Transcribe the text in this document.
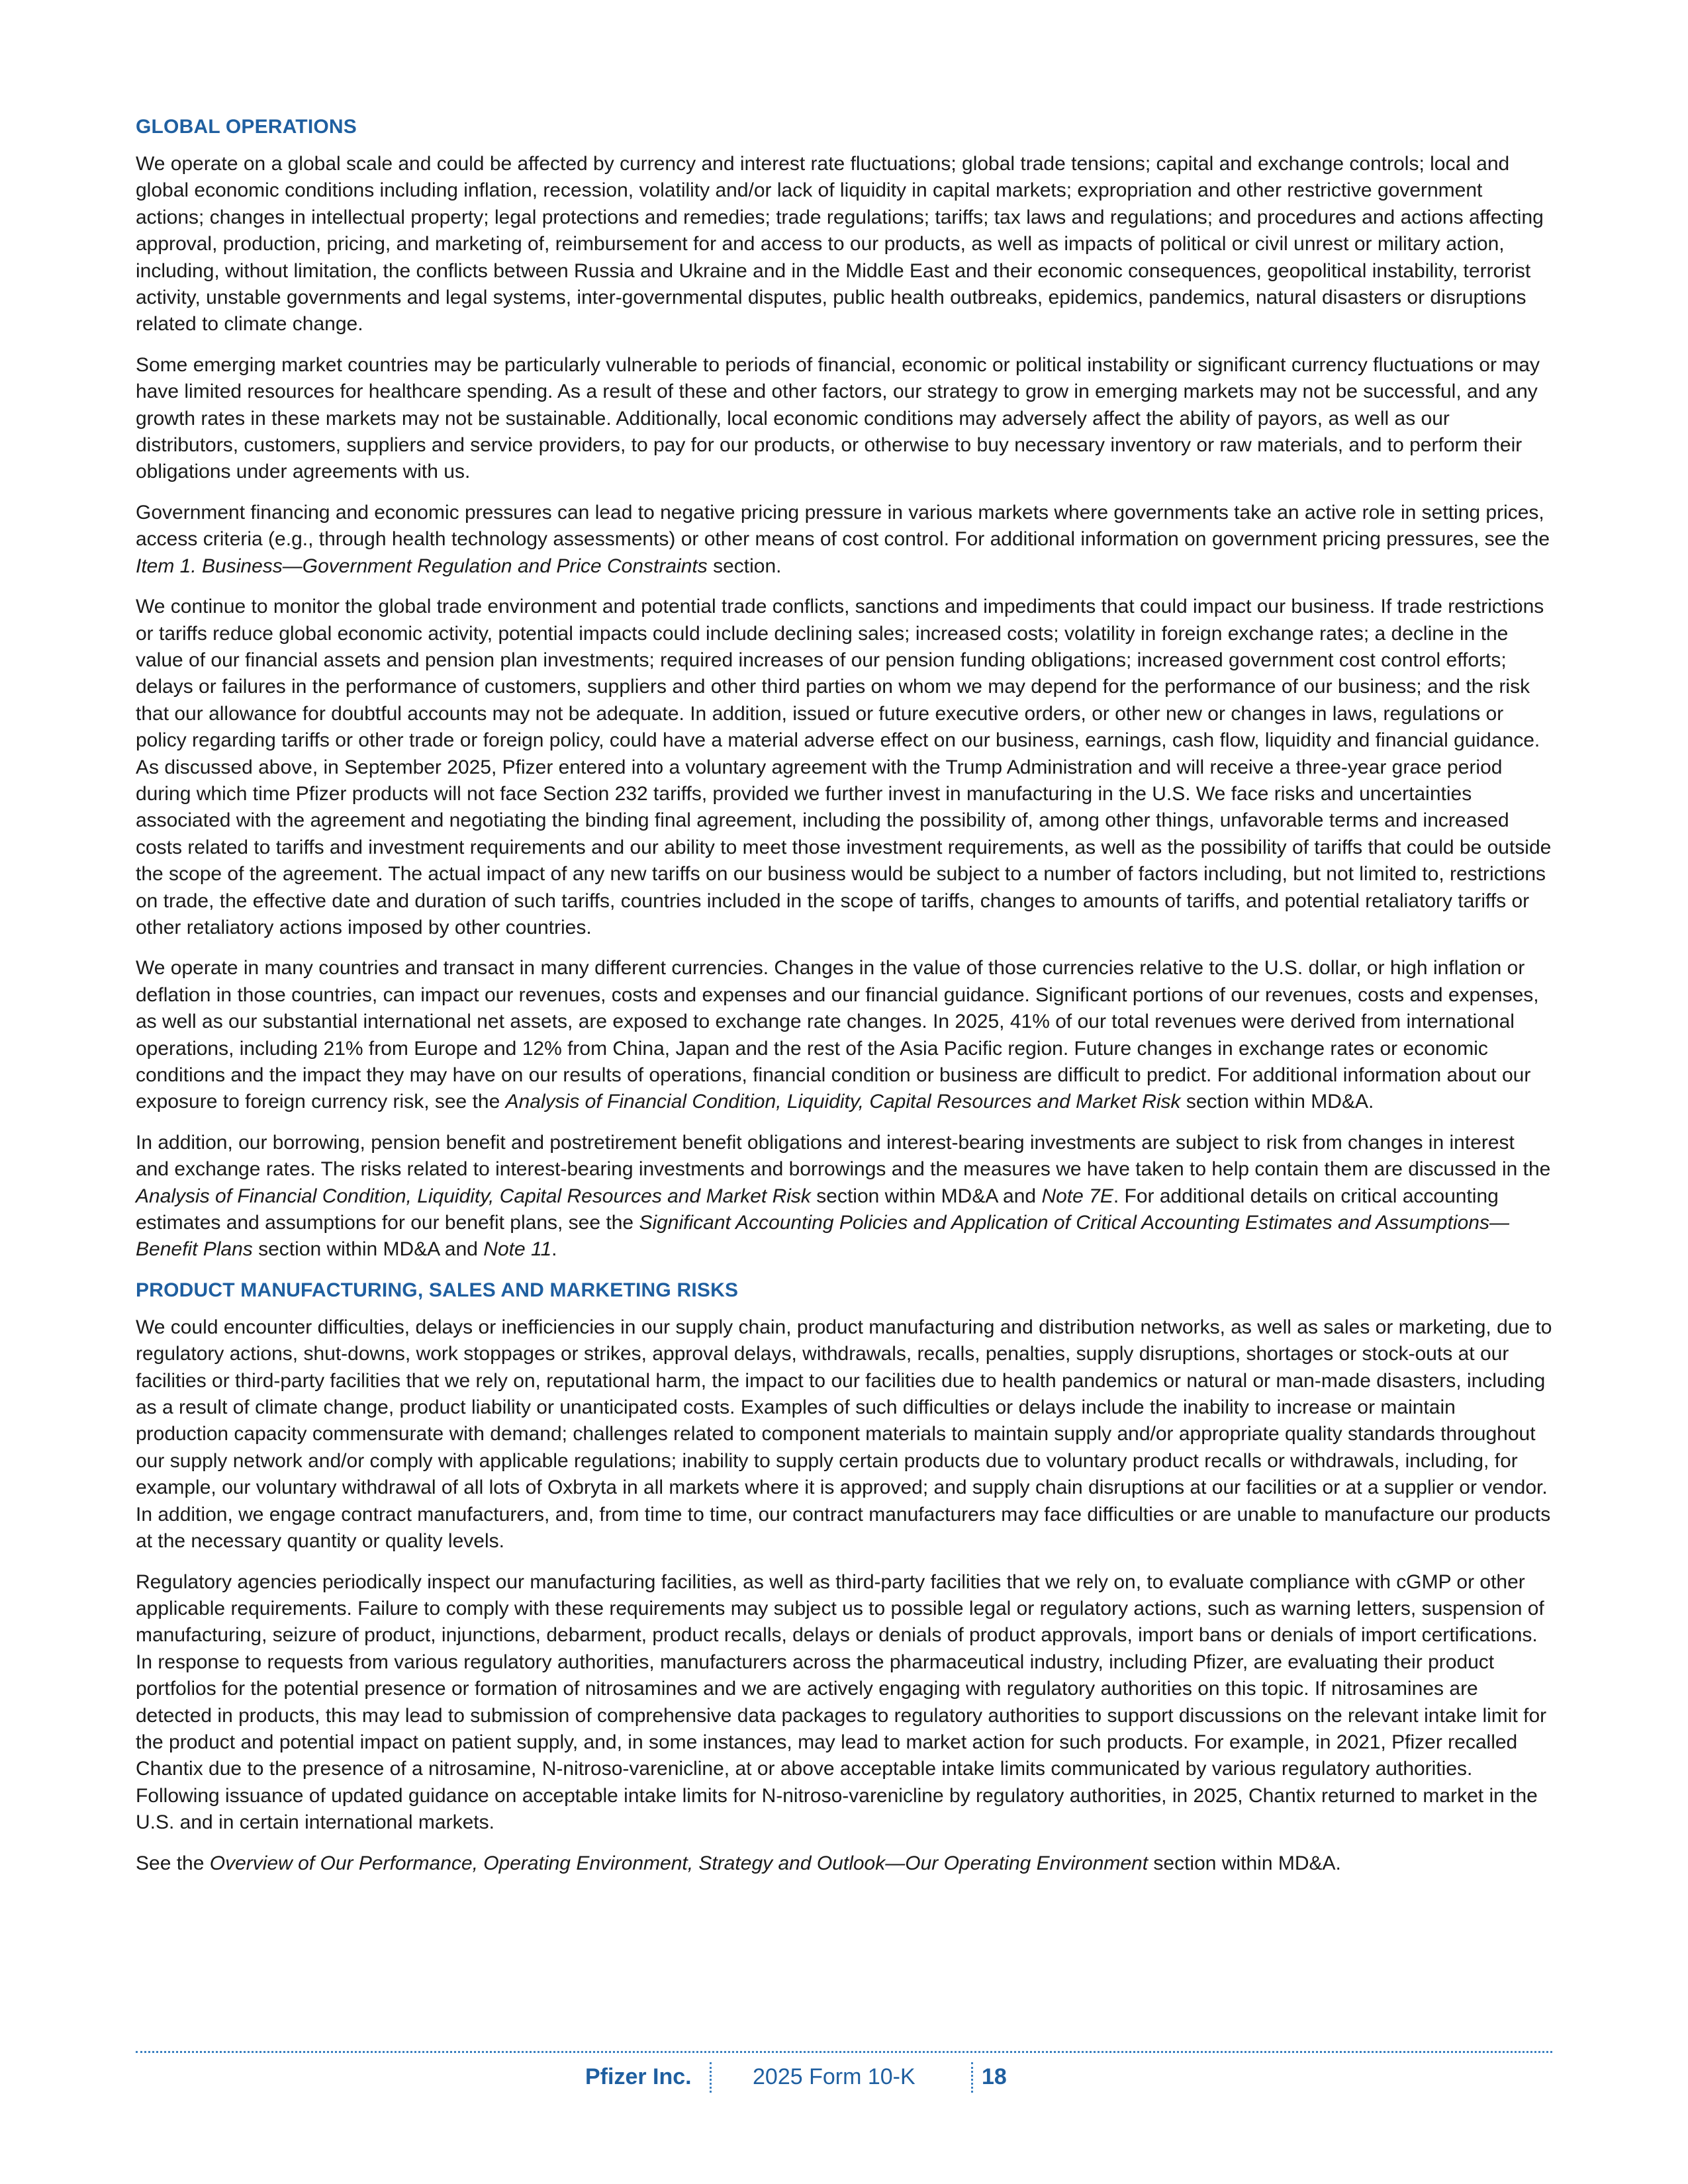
GLOBAL OPERATIONS

We operate on a global scale and could be affected by currency and interest rate fluctuations; global trade tensions; capital and exchange controls; local and global economic conditions including inflation, recession, volatility and/or lack of liquidity in capital markets; expropriation and other restrictive government actions; changes in intellectual property; legal protections and remedies; trade regulations; tariffs; tax laws and regulations; and procedures and actions affecting approval, production, pricing, and marketing of, reimbursement for and access to our products, as well as impacts of political or civil unrest or military action, including, without limitation, the conflicts between Russia and Ukraine and in the Middle East and their economic consequences, geopolitical instability, terrorist activity, unstable governments and legal systems, inter-governmental disputes, public health outbreaks, epidemics, pandemics, natural disasters or disruptions related to climate change.

Some emerging market countries may be particularly vulnerable to periods of financial, economic or political instability or significant currency fluctuations or may have limited resources for healthcare spending. As a result of these and other factors, our strategy to grow in emerging markets may not be successful, and any growth rates in these markets may not be sustainable. Additionally, local economic conditions may adversely affect the ability of payors, as well as our distributors, customers, suppliers and service providers, to pay for our products, or otherwise to buy necessary inventory or raw materials, and to perform their obligations under agreements with us.

Government financing and economic pressures can lead to negative pricing pressure in various markets where governments take an active role in setting prices, access criteria (e.g., through health technology assessments) or other means of cost control. For additional information on government pricing pressures, see the Item 1. Business—Government Regulation and Price Constraints section.

We continue to monitor the global trade environment and potential trade conflicts, sanctions and impediments that could impact our business. If trade restrictions or tariffs reduce global economic activity, potential impacts could include declining sales; increased costs; volatility in foreign exchange rates; a decline in the value of our financial assets and pension plan investments; required increases of our pension funding obligations; increased government cost control efforts; delays or failures in the performance of customers, suppliers and other third parties on whom we may depend for the performance of our business; and the risk that our allowance for doubtful accounts may not be adequate. In addition, issued or future executive orders, or other new or changes in laws, regulations or policy regarding tariffs or other trade or foreign policy, could have a material adverse effect on our business, earnings, cash flow, liquidity and financial guidance. As discussed above, in September 2025, Pfizer entered into a voluntary agreement with the Trump Administration and will receive a three-year grace period during which time Pfizer products will not face Section 232 tariffs, provided we further invest in manufacturing in the U.S. We face risks and uncertainties associated with the agreement and negotiating the binding final agreement, including the possibility of, among other things, unfavorable terms and increased costs related to tariffs and investment requirements and our ability to meet those investment requirements, as well as the possibility of tariffs that could be outside the scope of the agreement. The actual impact of any new tariffs on our business would be subject to a number of factors including, but not limited to, restrictions on trade, the effective date and duration of such tariffs, countries included in the scope of tariffs, changes to amounts of tariffs, and potential retaliatory tariffs or other retaliatory actions imposed by other countries.

We operate in many countries and transact in many different currencies. Changes in the value of those currencies relative to the U.S. dollar, or high inflation or deflation in those countries, can impact our revenues, costs and expenses and our financial guidance. Significant portions of our revenues, costs and expenses, as well as our substantial international net assets, are exposed to exchange rate changes. In 2025, 41% of our total revenues were derived from international operations, including 21% from Europe and 12% from China, Japan and the rest of the Asia Pacific region. Future changes in exchange rates or economic conditions and the impact they may have on our results of operations, financial condition or business are difficult to predict. For additional information about our exposure to foreign currency risk, see the Analysis of Financial Condition, Liquidity, Capital Resources and Market Risk section within MD&A.

In addition, our borrowing, pension benefit and postretirement benefit obligations and interest-bearing investments are subject to risk from changes in interest and exchange rates. The risks related to interest-bearing investments and borrowings and the measures we have taken to help contain them are discussed in the Analysis of Financial Condition, Liquidity, Capital Resources and Market Risk section within MD&A and Note 7E. For additional details on critical accounting estimates and assumptions for our benefit plans, see the Significant Accounting Policies and Application of Critical Accounting Estimates and Assumptions—Benefit Plans section within MD&A and Note 11.

PRODUCT MANUFACTURING, SALES AND MARKETING RISKS

We could encounter difficulties, delays or inefficiencies in our supply chain, product manufacturing and distribution networks, as well as sales or marketing, due to regulatory actions, shut-downs, work stoppages or strikes, approval delays, withdrawals, recalls, penalties, supply disruptions, shortages or stock-outs at our facilities or third-party facilities that we rely on, reputational harm, the impact to our facilities due to health pandemics or natural or man-made disasters, including as a result of climate change, product liability or unanticipated costs. Examples of such difficulties or delays include the inability to increase or maintain production capacity commensurate with demand; challenges related to component materials to maintain supply and/or appropriate quality standards throughout our supply network and/or comply with applicable regulations; inability to supply certain products due to voluntary product recalls or withdrawals, including, for example, our voluntary withdrawal of all lots of Oxbryta in all markets where it is approved; and supply chain disruptions at our facilities or at a supplier or vendor. In addition, we engage contract manufacturers, and, from time to time, our contract manufacturers may face difficulties or are unable to manufacture our products at the necessary quantity or quality levels.

Regulatory agencies periodically inspect our manufacturing facilities, as well as third-party facilities that we rely on, to evaluate compliance with cGMP or other applicable requirements. Failure to comply with these requirements may subject us to possible legal or regulatory actions, such as warning letters, suspension of manufacturing, seizure of product, injunctions, debarment, product recalls, delays or denials of product approvals, import bans or denials of import certifications. In response to requests from various regulatory authorities, manufacturers across the pharmaceutical industry, including Pfizer, are evaluating their product portfolios for the potential presence or formation of nitrosamines and we are actively engaging with regulatory authorities on this topic. If nitrosamines are detected in products, this may lead to submission of comprehensive data packages to regulatory authorities to support discussions on the relevant intake limit for the product and potential impact on patient supply, and, in some instances, may lead to market action for such products. For example, in 2021, Pfizer recalled Chantix due to the presence of a nitrosamine, N-nitroso-varenicline, at or above acceptable intake limits communicated by various regulatory authorities. Following issuance of updated guidance on acceptable intake limits for N-nitroso-varenicline by regulatory authorities, in 2025, Chantix returned to market in the U.S. and in certain international markets.

See the Overview of Our Performance, Operating Environment, Strategy and Outlook—Our Operating Environment section within MD&A.

Pfizer Inc.	2025 Form 10-K	18
